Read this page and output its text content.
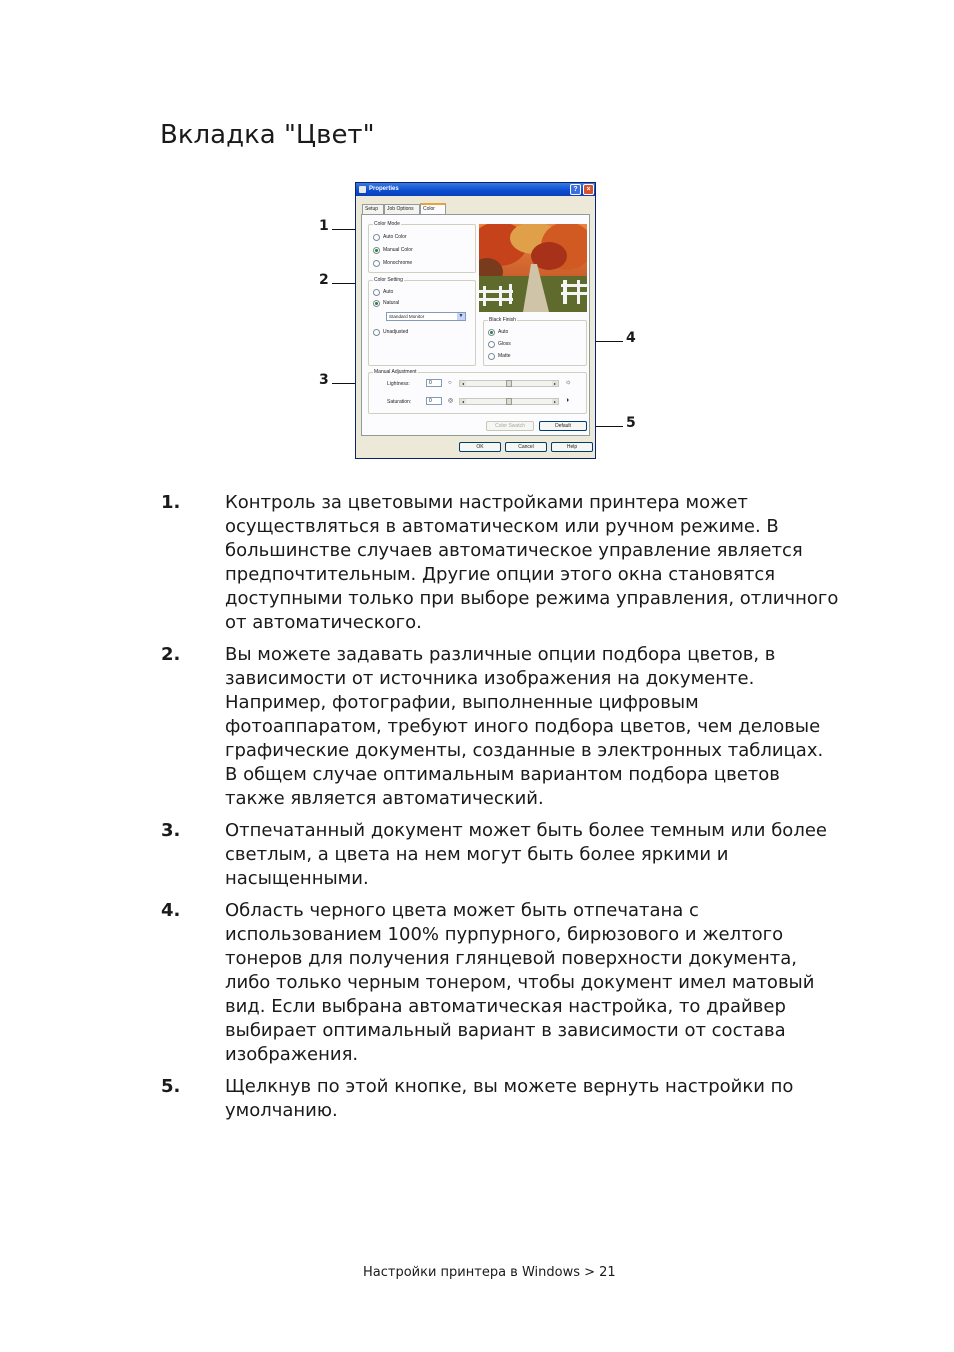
Вкладка "Цвет"
1
2
3
4
5
Properties	?	×
Setup	Job Options	Color
Color Mode
Auto Color
Manual Color
Monochrome
Color Setting
Auto
Natural
Standard Monitor	▼
Unadjusted
Black Finish
Auto
Gloss
Matte
Manual Adjustment
Lightness:	0	○	◂	▸ ☼
Saturation:	0	◎	◂	▸ ◑
Color Swatch	Default
OK	Cancel	Help
1. Контроль за цветовыми настройками принтера может осуществляться в автоматическом или ручном режиме. В большинстве случаев автоматическое управление является предпочтительным. Другие опции этого окна становятся доступными только при выборе режима управления, отличного от автоматического.
2. Вы можете задавать различные опции подбора цветов, в зависимости от источника изображения на документе. Например, фотографии, выполненные цифровым фотоаппаратом, требуют иного подбора цветов, чем деловые графические документы, созданные в электронных таблицах. В общем случае оптимальным вариантом подбора цветов также является автоматический.
3. Отпечатанный документ может быть более темным или более светлым, а цвета на нем могут быть более яркими и насыщенными.
4. Область черного цвета может быть отпечатана с использованием 100% пурпурного, бирюзового и желтого тонеров для получения глянцевой поверхности документа, либо только черным тонером, чтобы документ имел матовый вид. Если выбрана автоматическая настройка, то драйвер выбирает оптимальный вариант в зависимости от состава изображения.
5. Щелкнув по этой кнопке, вы можете вернуть настройки по умолчанию.
Настройки принтера в Windows > 21
